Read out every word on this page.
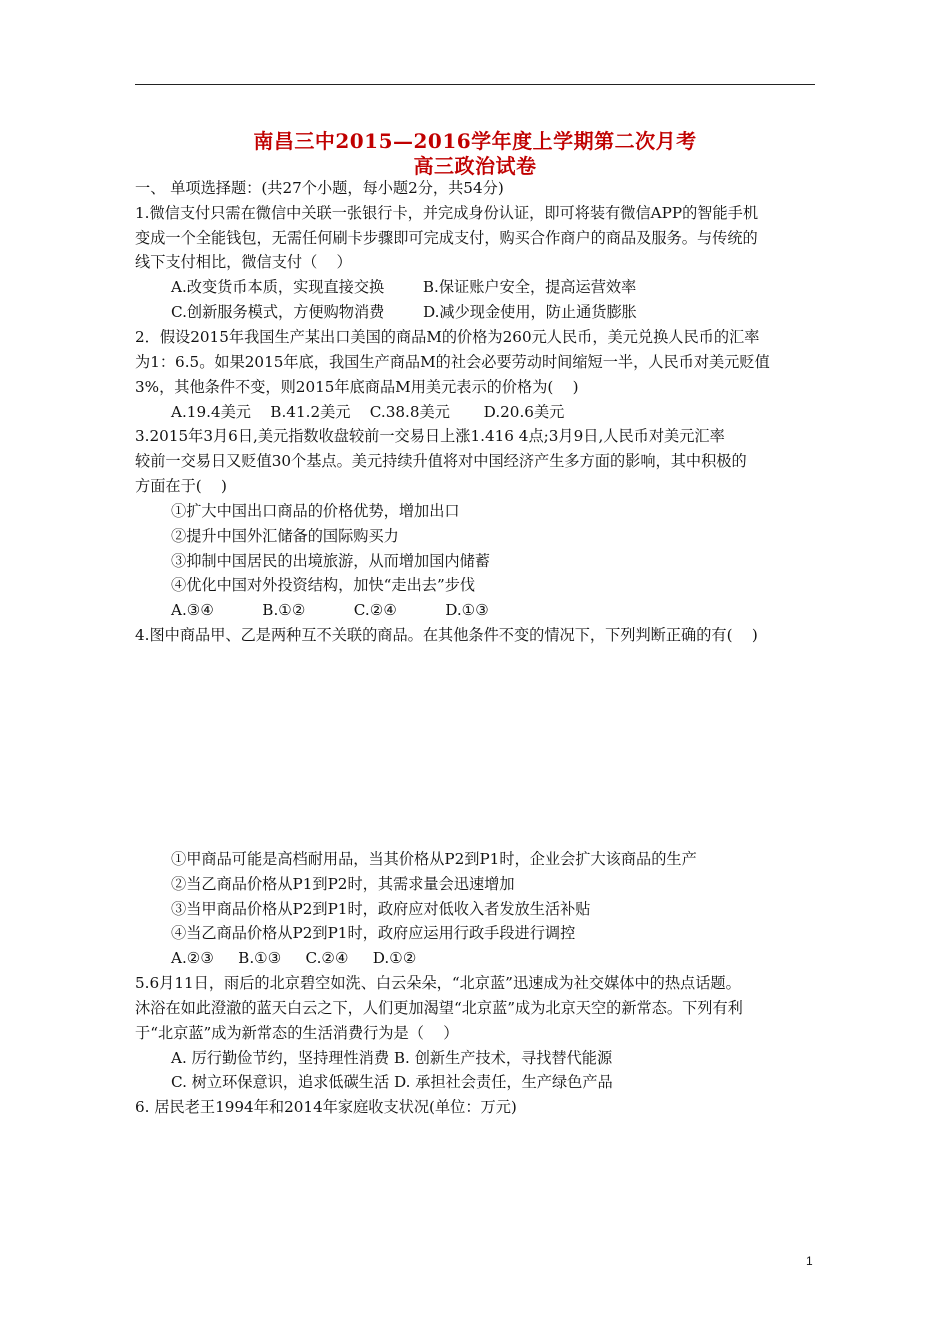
南昌三中2015—2016学年度上学期第二次月考
高三政治试卷
一、 单项选择题：(共27个小题，每小题2分，共54分)
1.微信支付只需在微信中关联一张银行卡，并完成身份认证，即可将装有微信APP的智能手机
变成一个全能钱包，无需任何刷卡步骤即可完成支付，购买合作商户的商品及服务。与传统的
线下支付相比，微信支付（    ）
A.改变货币本质，实现直接交换        B.保证账户安全，提高运营效率
C.创新服务模式，方便购物消费        D.减少现金使用，防止通货膨胀
2．假设2015年我国生产某出口美国的商品M的价格为260元人民币，美元兑换人民币的汇率
为1：6.5。如果2015年底，我国生产商品M的社会必要劳动时间缩短一半，人民币对美元贬值
3%，其他条件不变，则2015年底商品M用美元表示的价格为(    )
A.19.4美元    B.41.2美元    C.38.8美元       D.20.6美元
3.2015年3月6日,美元指数收盘较前一交易日上涨1.416 4点;3月9日,人民币对美元汇率
较前一交易日又贬值30个基点。美元持续升值将对中国经济产生多方面的影响，其中积极的
方面在于(    )
①扩大中国出口商品的价格优势，增加出口
②提升中国外汇储备的国际购买力
③抑制中国居民的出境旅游，从而增加国内储蓄
④优化中国对外投资结构，加快“走出去”步伐
A.③④          B.①②          C.②④          D.①③
4.图中商品甲、乙是两种互不关联的商品。在其他条件不变的情况下，下列判断正确的有(    )
①甲商品可能是高档耐用品，当其价格从P2到P1时，企业会扩大该商品的生产
②当乙商品价格从P1到P2时，其需求量会迅速增加
③当甲商品价格从P2到P1时，政府应对低收入者发放生活补贴
④当乙商品价格从P2到P1时，政府应运用行政手段进行调控
A.②③     B.①③     C.②④     D.①②
5.6月11日，雨后的北京碧空如洗、白云朵朵，“北京蓝”迅速成为社交媒体中的热点话题。
沐浴在如此澄澈的蓝天白云之下，人们更加渴望“北京蓝”成为北京天空的新常态。下列有利
于“北京蓝”成为新常态的生活消费行为是（    ）
A. 厉行勤俭节约，坚持理性消费 B. 创新生产技术，寻找替代能源
C. 树立环保意识，追求低碳生活 D. 承担社会责任，生产绿色产品
6. 居民老王1994年和2014年家庭收支状况(单位：万元)
1
